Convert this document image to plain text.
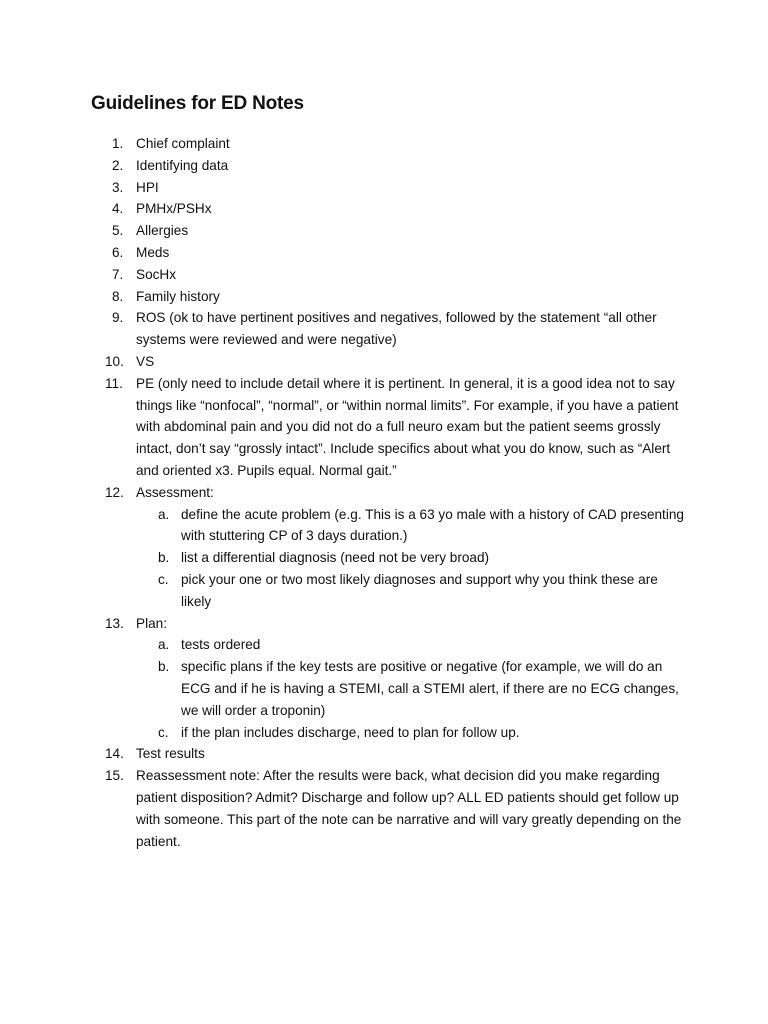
Guidelines for ED Notes
1. Chief complaint
2. Identifying data
3. HPI
4. PMHx/PSHx
5. Allergies
6. Meds
7. SocHx
8. Family history
9. ROS (ok to have pertinent positives and negatives, followed by the statement “all other systems were reviewed and were negative)
10. VS
11. PE (only need to include detail where it is pertinent. In general, it is a good idea not to say things like “nonfocal”, “normal”, or “within normal limits”. For example, if you have a patient with abdominal pain and you did not do a full neuro exam but the patient seems grossly intact, don’t say “grossly intact”. Include specifics about what you do know, such as “Alert and oriented x3. Pupils equal. Normal gait.”
12. Assessment:
a. define the acute problem (e.g. This is a 63 yo male with a history of CAD presenting with stuttering CP of 3 days duration.)
b. list a differential diagnosis (need not be very broad)
c. pick your one or two most likely diagnoses and support why you think these are likely
13. Plan:
a. tests ordered
b. specific plans if the key tests are positive or negative (for example, we will do an ECG and if he is having a STEMI, call a STEMI alert, if there are no ECG changes, we will order a troponin)
c. if the plan includes discharge, need to plan for follow up.
14. Test results
15. Reassessment note: After the results were back, what decision did you make regarding patient disposition? Admit? Discharge and follow up? ALL ED patients should get follow up with someone. This part of the note can be narrative and will vary greatly depending on the patient.
